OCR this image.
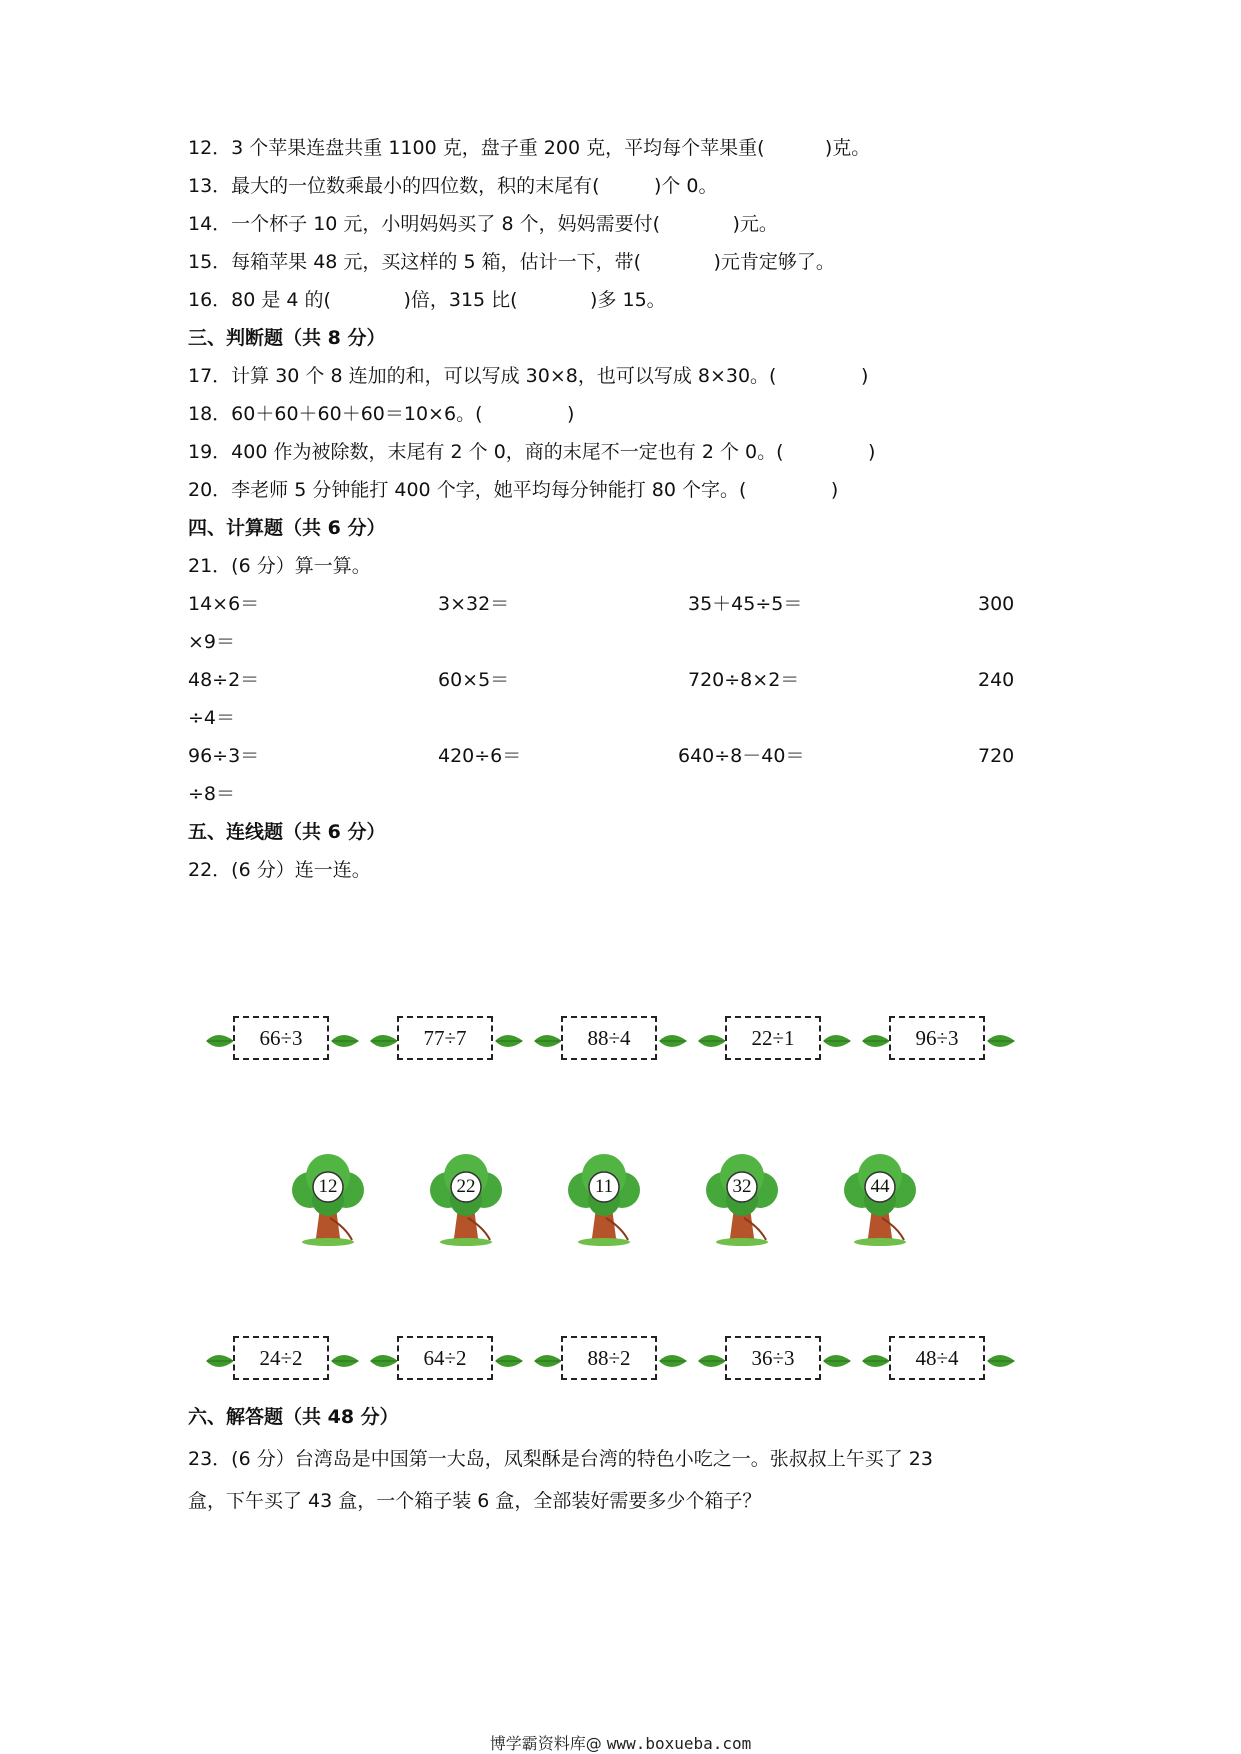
12．3 个苹果连盘共重 1100 克，盘子重 200 克，平均每个苹果重(          )克。
13．最大的一位数乘最小的四位数，积的末尾有(         )个 0。
14．一个杯子 10 元，小明妈妈买了 8 个，妈妈需要付(            )元。
15．每箱苹果 48 元，买这样的 5 箱，估计一下，带(            )元肯定够了。
16．80 是 4 的(            )倍，315 比(            )多 15。
三、判断题（共 8 分）
17．计算 30 个 8 连加的和，可以写成 30×8，也可以写成 8×30。(              )
18．60＋60＋60＋60＝10×6。(              )
19．400 作为被除数，末尾有 2 个 0，商的末尾不一定也有 2 个 0。(              )
20．李老师 5 分钟能打 400 个字，她平均每分钟能打 80 个字。(              )
四、计算题（共 6 分）
21．(6 分）算一算。
14×6＝	3×32＝	35＋45÷5＝	300
×9＝
48÷2＝	60×5＝	720÷8×2＝	240
÷4＝
96÷3＝	420÷6＝	640÷8－40＝	720
÷8＝
五、连线题（共 6 分）
22．(6 分）连一连。
66÷3	77÷7	88÷4	22÷1	96÷3
12	22	11	32	44
24÷2	64÷2	88÷2	36÷3	48÷4
六、解答题（共 48 分）
23．(6 分）台湾岛是中国第一大岛，凤梨酥是台湾的特色小吃之一。张叔叔上午买了 23
盒，下午买了 43 盒，一个箱子装 6 盒，全部装好需要多少个箱子？
博学霸资料库@ www.boxueba.com
